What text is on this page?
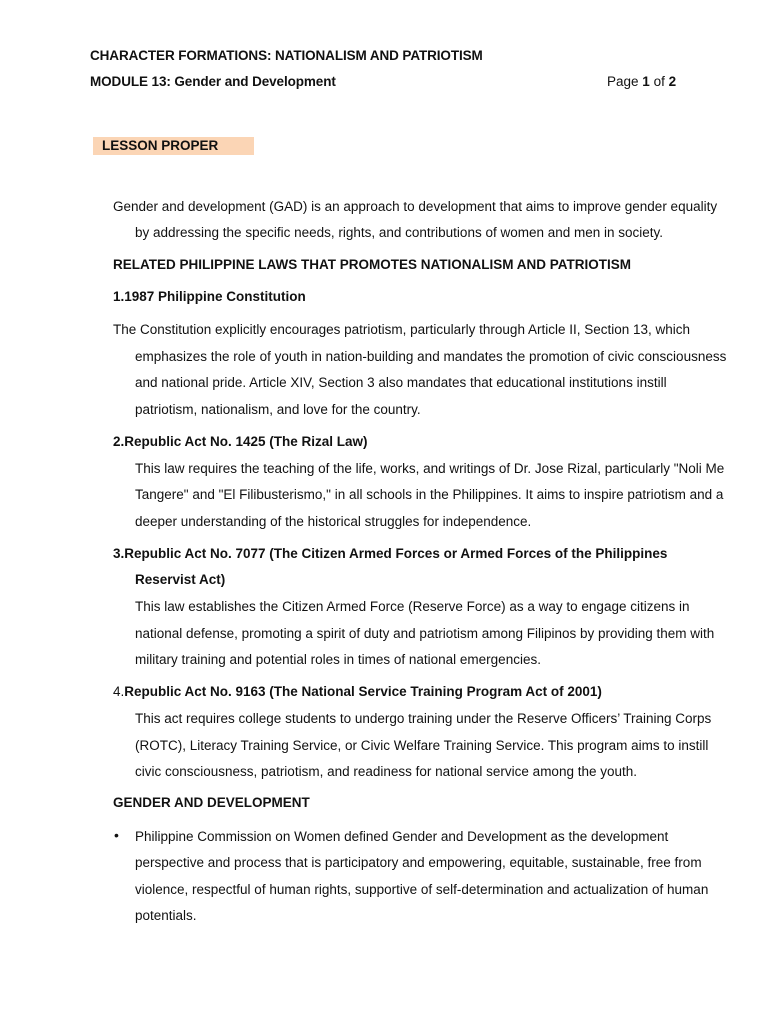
CHARACTER FORMATIONS: NATIONALISM AND PATRIOTISM
MODULE 13: Gender and Development	Page 1 of 2
LESSON PROPER
Gender and development (GAD) is an approach to development that aims to improve gender equality
by addressing the specific needs, rights, and contributions of women and men in society.
RELATED PHILIPPINE LAWS THAT PROMOTES NATIONALISM AND PATRIOTISM
1.1987 Philippine Constitution
The Constitution explicitly encourages patriotism, particularly through Article II, Section 13, which
emphasizes the role of youth in nation-building and mandates the promotion of civic consciousness
and national pride. Article XIV, Section 3 also mandates that educational institutions instill
patriotism, nationalism, and love for the country.
2.Republic Act No. 1425 (The Rizal Law)
This law requires the teaching of the life, works, and writings of Dr. Jose Rizal, particularly "Noli Me
Tangere" and "El Filibusterismo," in all schools in the Philippines. It aims to inspire patriotism and a
deeper understanding of the historical struggles for independence.
3.Republic Act No. 7077 (The Citizen Armed Forces or Armed Forces of the Philippines
Reservist Act)
This law establishes the Citizen Armed Force (Reserve Force) as a way to engage citizens in
national defense, promoting a spirit of duty and patriotism among Filipinos by providing them with
military training and potential roles in times of national emergencies.
4.Republic Act No. 9163 (The National Service Training Program Act of 2001)
This act requires college students to undergo training under the Reserve Officers’ Training Corps
(ROTC), Literacy Training Service, or Civic Welfare Training Service. This program aims to instill
civic consciousness, patriotism, and readiness for national service among the youth.
GENDER AND DEVELOPMENT
• Philippine Commission on Women defined Gender and Development as the development
perspective and process that is participatory and empowering, equitable, sustainable, free from
violence, respectful of human rights, supportive of self-determination and actualization of human
potentials.
